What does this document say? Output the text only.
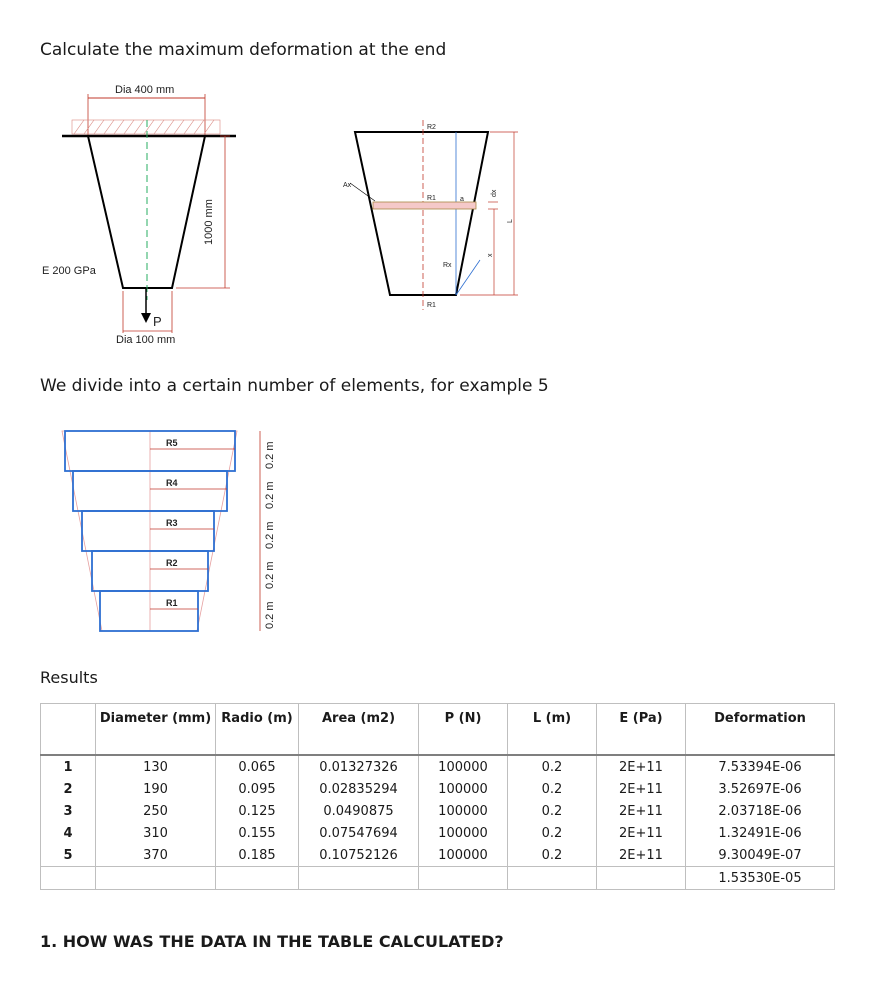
Calculate the maximum deformation at the end
Dia 400 mm
1000 mm
E 200 GPa
P
Dia 100 mm
R2
R1
R1
a
Rx
Ax
dx
x
L
We divide into a certain number of elements, for example 5
R5
R4
R3
R2
R1
0.2 m
0.2 m
0.2 m
0.2 m
0.2 m
Results
	Diameter (mm)	Radio (m)	Area (m2)	P (N)	L (m)	E (Pa)	Deformation
1	130	0.065	0.01327326	100000	0.2	2E+11	7.53394E-06
2	190	0.095	0.02835294	100000	0.2	2E+11	3.52697E-06
3	250	0.125	0.0490875	100000	0.2	2E+11	2.03718E-06
4	310	0.155	0.07547694	100000	0.2	2E+11	1.32491E-06
5	370	0.185	0.10752126	100000	0.2	2E+11	9.30049E-07
							1.53530E-05
1. HOW WAS THE DATA IN THE TABLE CALCULATED?
